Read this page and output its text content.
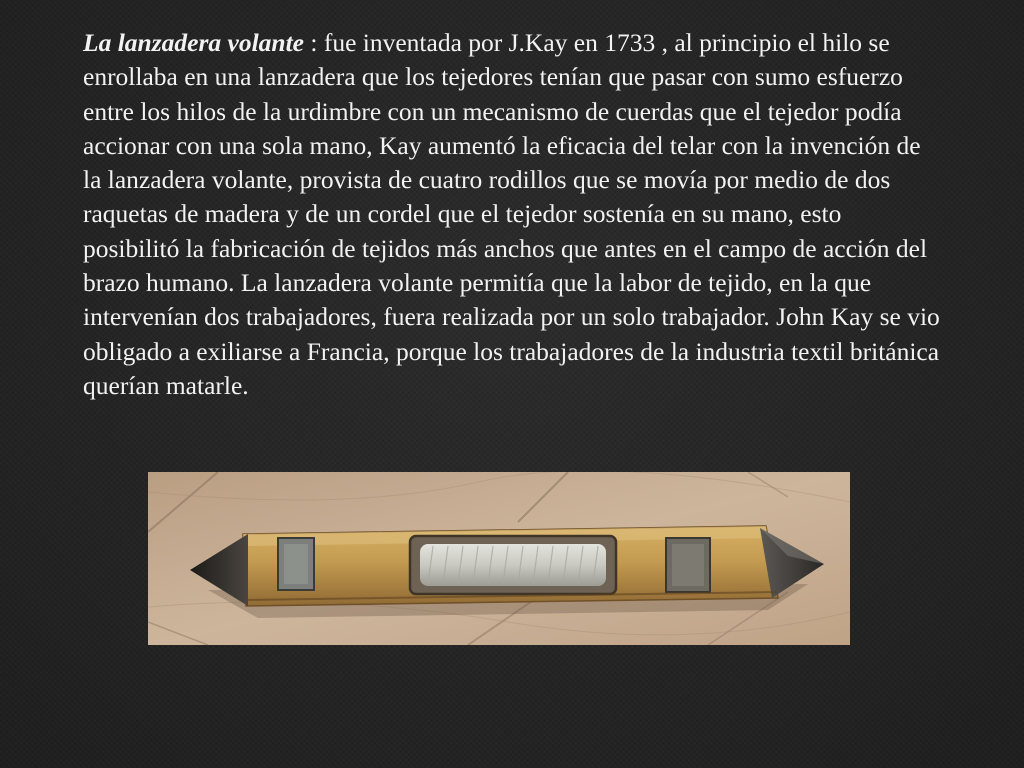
La lanzadera volante : fue inventada por J.Kay en 1733 , al principio el hilo se enrollaba en una lanzadera que los tejedores tenían que pasar con sumo esfuerzo entre los hilos de la urdimbre con un mecanismo de cuerdas que el tejedor podía accionar con una sola mano, Kay aumentó la eficacia del telar con la invención de la lanzadera volante, provista de cuatro rodillos que se movía por medio de dos raquetas de madera y de un cordel que el tejedor sostenía en su mano, esto posibilitó la fabricación de tejidos más anchos que antes en el campo de acción del brazo humano. La lanzadera volante permitía que la labor de tejido, en la que intervenían dos trabajadores, fuera realizada por un solo trabajador. John Kay se vio obligado a exiliarse a Francia, porque los trabajadores de la industria textil británica querían matarle.
